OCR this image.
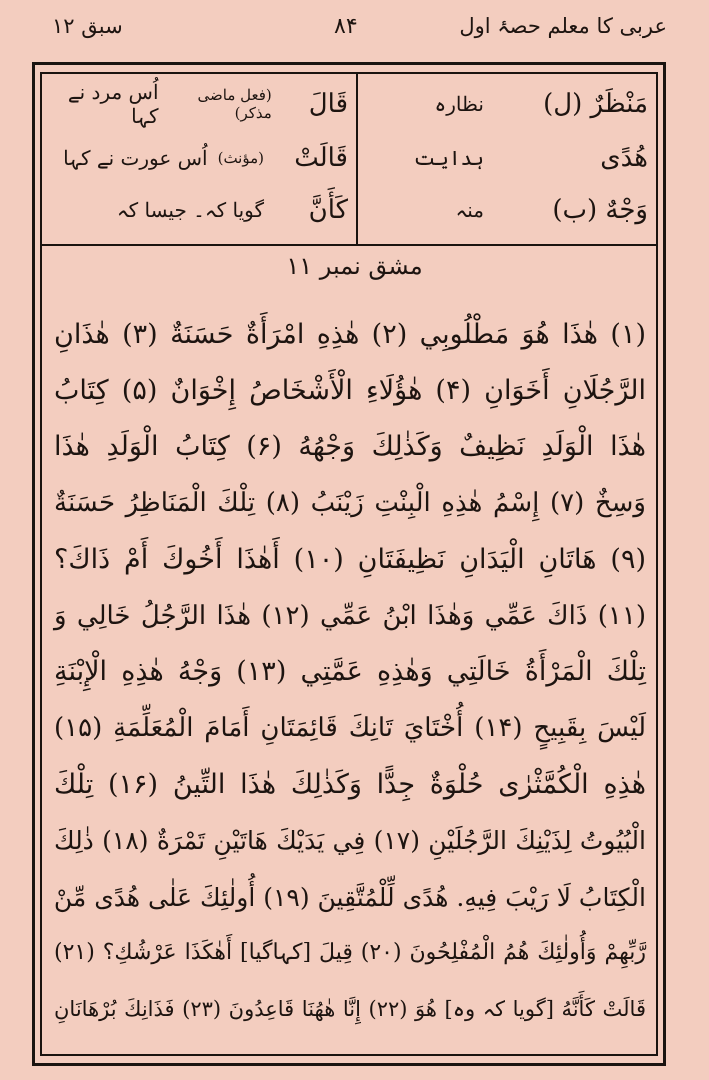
عربی کا معلم حصۂ اول
۸۴
سبق ۱۲
مَنْظَرٌ (ل)
نظارہ
هُدًى
ہدایت
وَجْهٌ (ب)
منہ
قَالَ
(فعل ماضی مذکر)
اُس مرد نے کہا
قَالَتْ
(مؤنث)
اُس عورت نے کہا
كَأَنَّ
گویا کہ۔ جیسا کہ
مشق نمبر ۱۱
(۱) هٰذَا هُوَ مَطْلُوبِي (۲) هٰذِهِ امْرَأَةٌ حَسَنَةٌ (۳) هٰذَانِ
الرَّجُلَانِ أَخَوَانِ (۴) هٰؤُلَاءِ الْأَشْخَاصُ إِخْوَانٌ (۵) كِتَابُ
هٰذَا الْوَلَدِ نَظِيفٌ وَكَذٰلِكَ وَجْهُهُ (۶) كِتَابُ الْوَلَدِ هٰذَا
وَسِخٌ (۷) إِسْمُ هٰذِهِ الْبِنْتِ زَيْنَبُ (۸) تِلْكَ الْمَنَاظِرُ حَسَنَةٌ
(۹) هَاتَانِ الْيَدَانِ نَظِيفَتَانِ (۱۰) أَهٰذَا أَخُوكَ أَمْ ذَاكَ؟
(۱۱) ذَاكَ عَمِّي وَهٰذَا ابْنُ عَمِّي (۱۲) هٰذَا الرَّجُلُ خَالِي وَ
تِلْكَ الْمَرْأَةُ خَالَتِي وَهٰذِهِ عَمَّتِي (۱۳) وَجْهُ هٰذِهِ الْإِبْنَةِ
لَيْسَ بِقَبِيحٍ (۱۴) أُخْتَايَ تَانِكَ قَائِمَتَانِ أَمَامَ الْمُعَلِّمَةِ (۱۵)
هٰذِهِ الْكُمَّثْرٰى حُلْوَةٌ جِدًّا وَكَذٰلِكَ هٰذَا التِّينُ (۱۶) تِلْكَ
الْبُيُوتُ لِذَيْنِكَ الرَّجُلَيْنِ (۱۷) فِي يَدَيْكَ هَاتَيْنِ تَمْرَةٌ (۱۸) ذٰلِكَ
الْكِتَابُ لَا رَيْبَ فِيهِ. هُدًى لِّلْمُتَّقِينَ (۱۹) أُولٰئِكَ عَلٰى هُدًى مِّنْ
رَّبِّهِمْ وَأُولٰئِكَ هُمُ الْمُفْلِحُونَ (۲۰) قِيلَ [کہاگیا] أَهٰكَذَا عَرْشُكِ؟ (۲۱)
قَالَتْ كَأَنَّهُ [گویا کہ وہ] هُوَ (۲۲) إِنَّا هٰهُنَا قَاعِدُونَ (۲۳) فَذَانِكَ بُرْهَانَانِ
